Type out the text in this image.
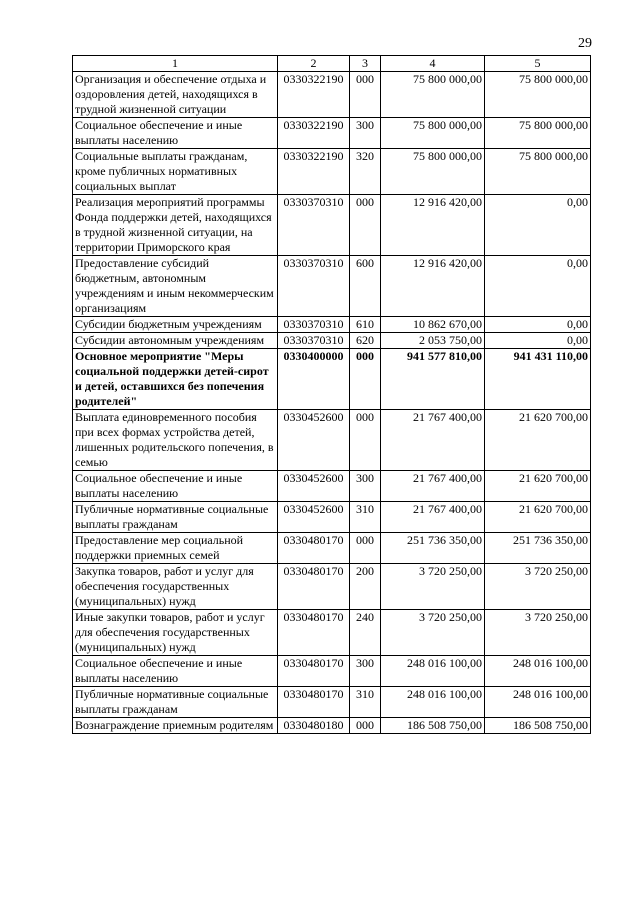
29
1	2	3	4	5
Организация и обеспечение отдыха и оздоровления детей, находящихся в трудной жизненной ситуации	0330322190	000	75 800 000,00	75 800 000,00
Социальное обеспечение и иные выплаты населению	0330322190	300	75 800 000,00	75 800 000,00
Социальные выплаты гражданам, кроме публичных нормативных социальных выплат	0330322190	320	75 800 000,00	75 800 000,00
Реализация мероприятий программы Фонда поддержки детей, находящихся в трудной жизненной ситуации, на территории Приморского края	0330370310	000	12 916 420,00	0,00
Предоставление субсидий бюджетным, автономным учреждениям и иным некоммерческим организациям	0330370310	600	12 916 420,00	0,00
Субсидии бюджетным учреждениям	0330370310	610	10 862 670,00	0,00
Субсидии автономным учреждениям	0330370310	620	2 053 750,00	0,00
Основное мероприятие "Меры социальной поддержки детей-сирот и детей, оставшихся без попечения родителей"	0330400000	000	941 577 810,00	941 431 110,00
Выплата единовременного пособия при всех формах устройства детей, лишенных родительского попечения, в семью	0330452600	000	21 767 400,00	21 620 700,00
Социальное обеспечение и иные выплаты населению	0330452600	300	21 767 400,00	21 620 700,00
Публичные нормативные социальные выплаты гражданам	0330452600	310	21 767 400,00	21 620 700,00
Предоставление мер социальной поддержки приемных семей	0330480170	000	251 736 350,00	251 736 350,00
Закупка товаров, работ и услуг для обеспечения государственных (муниципальных) нужд	0330480170	200	3 720 250,00	3 720 250,00
Иные закупки товаров, работ и услуг для обеспечения государственных (муниципальных) нужд	0330480170	240	3 720 250,00	3 720 250,00
Социальное обеспечение и иные выплаты населению	0330480170	300	248 016 100,00	248 016 100,00
Публичные нормативные социальные выплаты гражданам	0330480170	310	248 016 100,00	248 016 100,00
Вознаграждение приемным родителям	0330480180	000	186 508 750,00	186 508 750,00
